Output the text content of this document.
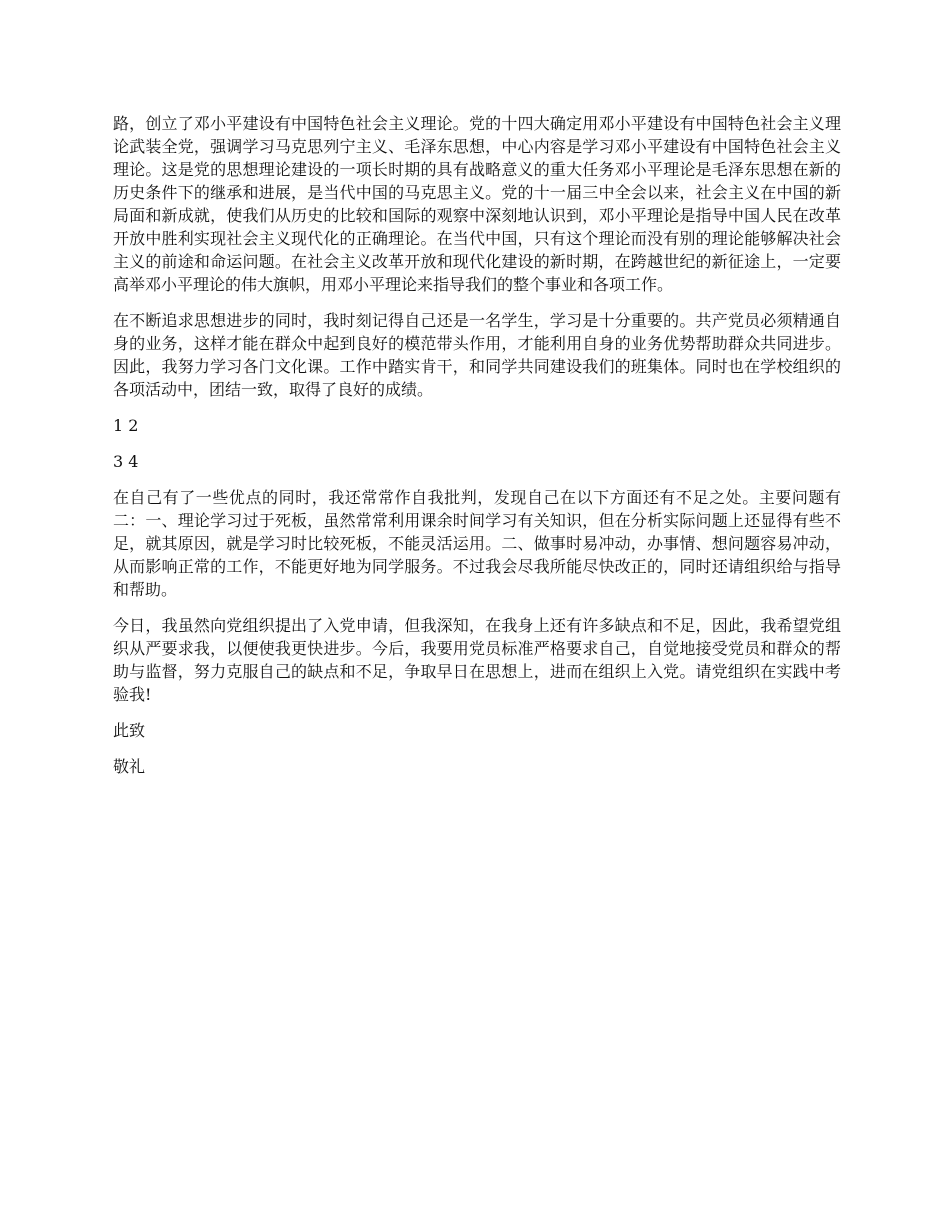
路，创立了邓小平建设有中国特色社会主义理论。党的十四大确定用邓小平建设有中国特色社会主义理论武装全党，强调学习马克思列宁主义、毛泽东思想，中心内容是学习邓小平建设有中国特色社会主义理论。这是党的思想理论建设的一项长时期的具有战略意义的重大任务邓小平理论是毛泽东思想在新的历史条件下的继承和进展，是当代中国的马克思主义。党的十一届三中全会以来，社会主义在中国的新局面和新成就，使我们从历史的比较和国际的观察中深刻地认识到，邓小平理论是指导中国人民在改革开放中胜利实现社会主义现代化的正确理论。在当代中国，只有这个理论而没有别的理论能够解决社会主义的前途和命运问题。在社会主义改革开放和现代化建设的新时期，在跨越世纪的新征途上，一定要高举邓小平理论的伟大旗帜，用邓小平理论来指导我们的整个事业和各项工作。

在不断追求思想进步的同时，我时刻记得自己还是一名学生，学习是十分重要的。共产党员必须精通自身的业务，这样才能在群众中起到良好的模范带头作用，才能利用自身的业务优势帮助群众共同进步。因此，我努力学习各门文化课。工作中踏实肯干，和同学共同建设我们的班集体。同时也在学校组织的各项活动中，团结一致，取得了良好的成绩。

1 2

3 4

在自己有了一些优点的同时，我还常常作自我批判，发现自己在以下方面还有不足之处。主要问题有二：一、理论学习过于死板，虽然常常利用课余时间学习有关知识，但在分析实际问题上还显得有些不足，就其原因，就是学习时比较死板，不能灵活运用。二、做事时易冲动，办事情、想问题容易冲动，从而影响正常的工作，不能更好地为同学服务。不过我会尽我所能尽快改正的，同时还请组织给与指导和帮助。

今日，我虽然向党组织提出了入党申请，但我深知，在我身上还有许多缺点和不足，因此，我希望党组织从严要求我，以便使我更快进步。今后，我要用党员标准严格要求自己，自觉地接受党员和群众的帮助与监督，努力克服自己的缺点和不足，争取早日在思想上，进而在组织上入党。请党组织在实践中考验我!

此致

敬礼
